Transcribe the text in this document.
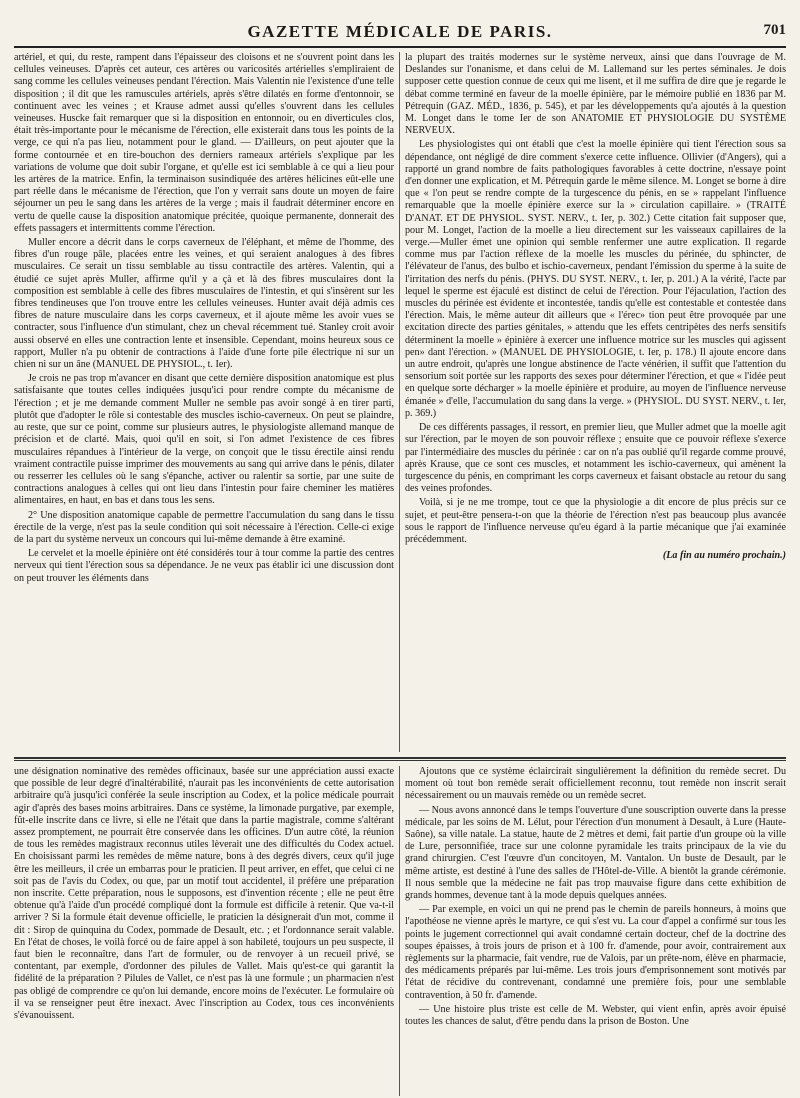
GAZETTE MÉDICALE DE PARIS.	701

artériel, et qui, du reste, rampent dans l'épaisseur des cloisons et ne s'ouvrent point dans les cellules veineuses. D'après cet auteur, ces artères ou varicosités artérielles s'empliraient de sang comme les cellules veineuses pendant l'érection. Mais Valentin nie l'existence d'une telle disposition ; il dit que les ramuscules artériels, après s'être dilatés en forme d'entonnoir, se continuent avec les veines ; et Krause admet aussi qu'elles s'ouvrent dans les cellules veineuses. Huscke fait remarquer que si la disposition en entonnoir, ou en diverticules clos, était très-importante pour le mécanisme de l'érection, elle existerait dans tous les points de la verge, ce qui n'a pas lieu, notamment pour le gland. — D'ailleurs, on peut ajouter que la forme contournée et en tire-bouchon des derniers rameaux artériels s'explique par les variations de volume que doit subir l'organe, et qu'elle est ici semblable à ce qui a lieu pour les artères de la matrice. Enfin, la terminaison susindiquée des artères hélicines eût-elle une part réelle dans le mécanisme de l'érection, que l'on y verrait sans doute un moyen de faire séjourner un peu le sang dans les artères de la verge ; mais il faudrait déterminer encore en vertu de quelle cause la disposition anatomique précitée, quoique permanente, donnerait des effets passagers et intermittents comme l'érection.

Muller encore a décrit dans le corps caverneux de l'éléphant, et même de l'homme, des fibres d'un rouge pâle, placées entre les veines, et qui seraient analogues à des fibres musculaires. Ce serait un tissu semblable au tissu contractile des artères. Valentin, qui a étudié ce sujet après Muller, affirme qu'il y a çà et là des fibres musculaires dont la composition est semblable à celle des fibres musculaires de l'intestin, et qui s'insèrent sur les fibres tendineuses que l'on trouve entre les cellules veineuses. Hunter avait déjà admis ces fibres de nature musculaire dans les corps caverneux, et il ajoute même les avoir vues se contracter, sous l'influence d'un stimulant, chez un cheval récemment tué. Stanley croit avoir aussi observé en elles une contraction lente et insensible. Cependant, moins heureux sous ce rapport, Muller n'a pu obtenir de contractions à l'aide d'une forte pile électrique ni sur un chien ni sur un âne (MANUEL DE PHYSIOL., t. Ier).

Je crois ne pas trop m'avancer en disant que cette dernière disposition anatomique est plus satisfaisante que toutes celles indiquées jusqu'ici pour rendre compte du mécanisme de l'érection ; et je me demande comment Muller ne semble pas avoir songé à en tirer parti, plutôt que d'adopter le rôle si contestable des muscles ischio-caverneux. On peut se plaindre, au reste, que sur ce point, comme sur plusieurs autres, le physiologiste allemand manque de précision et de clarté. Mais, quoi qu'il en soit, si l'on admet l'existence de ces fibres musculaires répandues à l'intérieur de la verge, on conçoit que le tissu érectile ainsi rendu vraiment contractile puisse imprimer des mouvements au sang qui arrive dans le pénis, dilater ou resserrer les cellules où le sang s'épanche, activer ou ralentir sa sortie, par une suite de contractions analogues à celles qui ont lieu dans l'intestin pour faire cheminer les matières alimentaires, en haut, en bas et dans tous les sens.

2° Une disposition anatomique capable de permettre l'accumulation du sang dans le tissu érectile de la verge, n'est pas la seule condition qui soit nécessaire à l'érection. Celle-ci exige de la part du système nerveux un concours qui lui-même demande à être examiné.

Le cervelet et la moelle épinière ont été considérés tour à tour comme la partie des centres nerveux qui tient l'érection sous sa dépendance. Je ne veux pas établir ici une discussion dont on peut trouver les éléments dans

la plupart des traités modernes sur le système nerveux, ainsi que dans l'ouvrage de M. Deslandes sur l'onanisme, et dans celui de M. Lallemand sur les pertes séminales. Je dois supposer cette question connue de ceux qui me lisent, et il me suffira de dire que je regarde le débat comme terminé en faveur de la moelle épinière, par le mémoire publié en 1836 par M. Pétrequin (GAZ. MÉD., 1836, p. 545), et par les développements qu'a ajoutés à la question M. Longet dans le tome Ier de son ANATOMIE ET PHYSIOLOGIE DU SYSTÈME NERVEUX.

Les physiologistes qui ont établi que c'est la moelle épinière qui tient l'érection sous sa dépendance, ont négligé de dire comment s'exerce cette influence. Ollivier (d'Angers), qui a rapporté un grand nombre de faits pathologiques favorables à cette doctrine, n'essaye point d'en donner une explication, et M. Pétrequin garde le même silence. M. Longet se borne à dire que « l'on peut se rendre compte de la turgescence du pénis, en se » rappelant l'influence remarquable que la moelle épinière exerce sur la » circulation capillaire. » (TRAITÉ D'ANAT. ET DE PHYSIOL. SYST. NERV., t. Ier, p. 302.) Cette citation fait supposer que, pour M. Longet, l'action de la moelle a lieu directement sur les vaisseaux capillaires de la verge.—Muller émet une opinion qui semble renfermer une autre explication. Il regarde comme mus par l'action réflexe de la moelle les muscles du périnée, du sphincter, de l'élévateur de l'anus, des bulbo et ischio-caverneux, pendant l'émission du sperme à la suite de l'irritation des nerfs du pénis. (PHYS. DU SYST. NERV., t. Ier, p. 201.) A la vérité, l'acte par lequel le sperme est éjaculé est distinct de celui de l'érection. Pour l'éjaculation, l'action des muscles du périnée est évidente et incontestée, tandis qu'elle est contestable et contestée dans l'érection. Mais, le même auteur dit ailleurs que « l'érec» tion peut être provoquée par une excitation directe des parties génitales, » attendu que les effets centripètes des nerfs sensitifs déterminent la moelle » épinière à exercer une influence motrice sur les muscles qui agissent pen» dant l'érection. » (MANUEL DE PHYSIOLOGIE, t. Ier, p. 178.) Il ajoute encore dans un autre endroit, qu'après une longue abstinence de l'acte vénérien, il suffit que l'attention du sensorium soit portée sur les rapports des sexes pour déterminer l'érection, et que « l'idée peut en quelque sorte décharger » la moelle épinière et produire, au moyen de l'influence nerveuse émanée » d'elle, l'accumulation du sang dans la verge. » (PHYSIOL. DU SYST. NERV., t. Ier, p. 369.)

De ces différents passages, il ressort, en premier lieu, que Muller admet que la moelle agit sur l'érection, par le moyen de son pouvoir réflexe ; ensuite que ce pouvoir réflexe s'exerce par l'intermédiaire des muscles du périnée : car on n'a pas oublié qu'il regarde comme prouvé, après Krause, que ce sont ces muscles, et notamment les ischio-caverneux, qui amènent la turgescence du pénis, en comprimant les corps caverneux et faisant obstacle au retour du sang des veines profondes.

Voilà, si je ne me trompe, tout ce que la physiologie a dit encore de plus précis sur ce sujet, et peut-être pensera-t-on que la théorie de l'érection n'est pas beaucoup plus avancée sous le rapport de l'influence nerveuse qu'eu égard à la partie mécanique que j'ai examinée précédemment.

(La fin au numéro prochain.)

une désignation nominative des remèdes officinaux, basée sur une appréciation aussi exacte que possible de leur degré d'inaltérabilité, n'aurait pas les inconvénients de cette autorisation arbitraire qu'à jusqu'ici conférée la seule inscription au Codex, et la police médicale pourrait agir d'après des bases moins arbitraires. Dans ce système, la limonade purgative, par exemple, fût-elle inscrite dans ce livre, si elle ne l'était que dans la partie magistrale, comme s'altérant assez promptement, ne pourrait être conservée dans les officines. D'un autre côté, la réunion de tous les remèdes magistraux reconnus utiles lèverait une des difficultés du Codex actuel. En choisissant parmi les remèdes de même nature, bons à des degrés divers, ceux qu'il juge être les meilleurs, il crée un embarras pour le praticien. Il peut arriver, en effet, que celui ci ne soit pas de l'avis du Codex, ou que, par un motif tout accidentel, il préfère une préparation non inscrite. Cette préparation, nous le supposons, est d'invention récente ; elle ne peut être obtenue qu'à l'aide d'un procédé compliqué dont la formule est difficile à retenir. Que va-t-il arriver ? Si la formule était devenue officielle, le praticien la désignerait d'un mot, comme il dit : Sirop de quinquina du Codex, pommade de Desault, etc. ; et l'ordonnance serait valable. En l'état de choses, le voilà forcé ou de faire appel à son habileté, toujours un peu suspecte, il faut bien le reconnaître, dans l'art de formuler, ou de renvoyer à un recueil privé, se contentant, par exemple, d'ordonner des pilules de Vallet. Mais qu'est-ce qui garantit la fidélité de la préparation ? Pilules de Vallet, ce n'est pas là une formule ; un pharmacien n'est pas obligé de comprendre ce qu'on lui demande, encore moins de l'exécuter. Le formulaire où il va se renseigner peut être inexact. Avec l'inscription au Codex, tous ces inconvénients s'évanouissent.

Ajoutons que ce système éclaircirait singulièrement la définition du remède secret. Du moment où tout bon remède serait officiellement reconnu, tout remède non inscrit serait nécessairement ou un mauvais remède ou un remède secret.

— Nous avons annoncé dans le temps l'ouverture d'une souscription ouverte dans la presse médicale, par les soins de M. Lélut, pour l'érection d'un monument à Desault, à Lure (Haute-Saône), sa ville natale. La statue, haute de 2 mètres et demi, fait partie d'un groupe où la ville de Lure, personnifiée, trace sur une colonne pyramidale les traits principaux de la vie du grand chirurgien. C'est l'œuvre d'un concitoyen, M. Vantalon. Un buste de Desault, par le même artiste, est destiné à l'une des salles de l'Hôtel-de-Ville. A bientôt la grande cérémonie. Il nous semble que la médecine ne fait pas trop mauvaise figure dans cette exhibition de grands hommes, devenue tant à la mode depuis quelques années.

— Par exemple, en voici un qui ne prend pas le chemin de pareils honneurs, à moins que l'apothéose ne vienne après le martyre, ce qui s'est vu. La cour d'appel a confirmé sur tous les points le jugement correctionnel qui avait condamné certain docteur, chef de la doctrine des soupes épaisses, à trois jours de prison et à 100 fr. d'amende, pour avoir, contrairement aux règlements sur la pharmacie, fait vendre, rue de Valois, par un prête-nom, élève en pharmacie, des médicaments préparés par lui-même. Les trois jours d'emprisonnement sont motivés par l'état de récidive du contrevenant, condamné une première fois, pour une semblable contravention, à 50 fr. d'amende.

— Une histoire plus triste est celle de M. Webster, qui vient enfin, après avoir épuisé toutes les chances de salut, d'être pendu dans la prison de Boston. Une
